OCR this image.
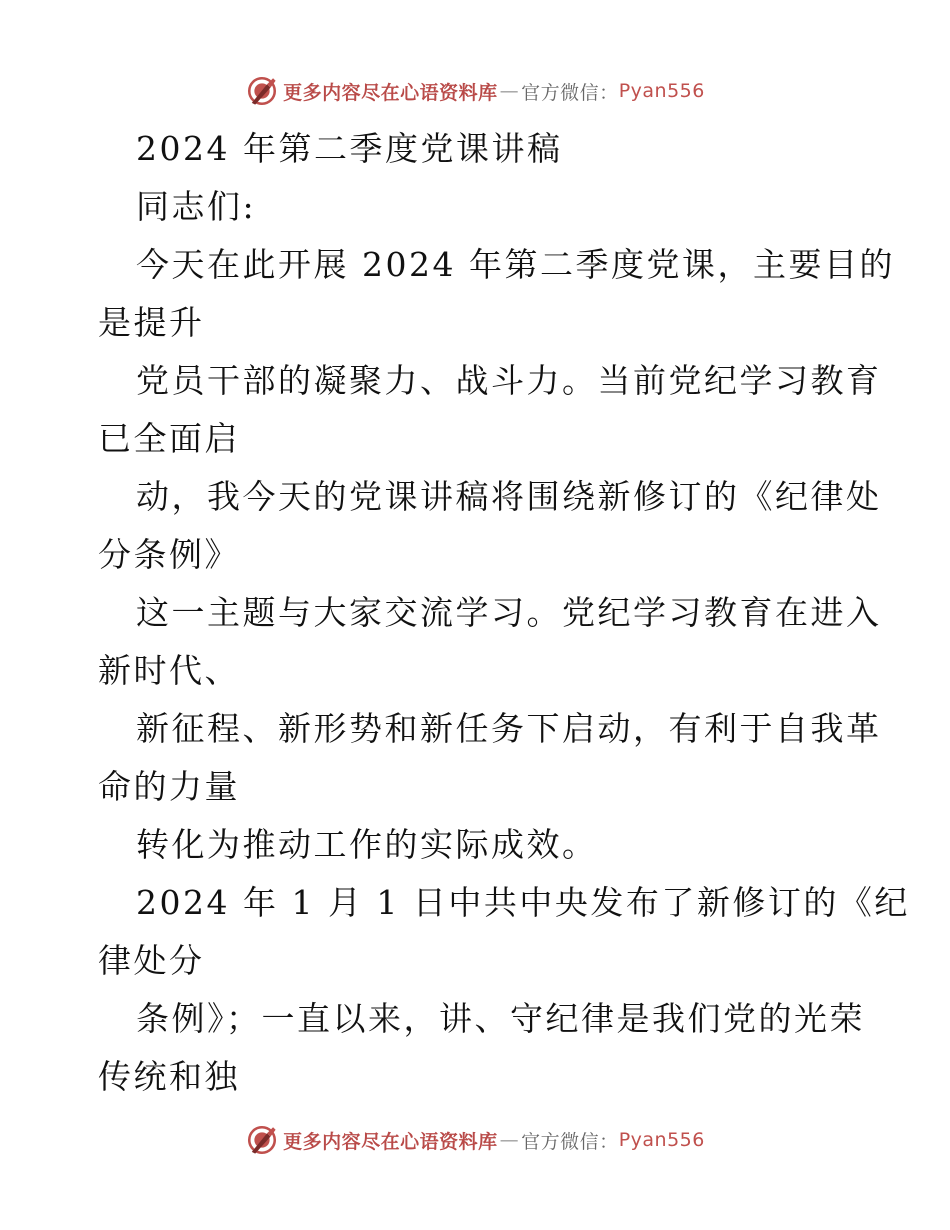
更多内容尽在心语资料库 — 官方微信： Pyan556
2024 年第二季度党课讲稿
同志们:
今天在此开展 2024 年第二季度党课，主要目的
是提升
党员干部的凝聚力、战斗力。当前党纪学习教育
已全面启
动，我今天的党课讲稿将围绕新修订的《纪律处
分条例》
这一主题与大家交流学习。党纪学习教育在进入
新时代、
新征程、新形势和新任务下启动，有利于自我革
命的力量
转化为推动工作的实际成效。
2024 年 1 月 1 日中共中央发布了新修订的《纪
律处分
条例》；一直以来，讲、守纪律是我们党的光荣
传统和独
更多内容尽在心语资料库 — 官方微信： Pyan556
